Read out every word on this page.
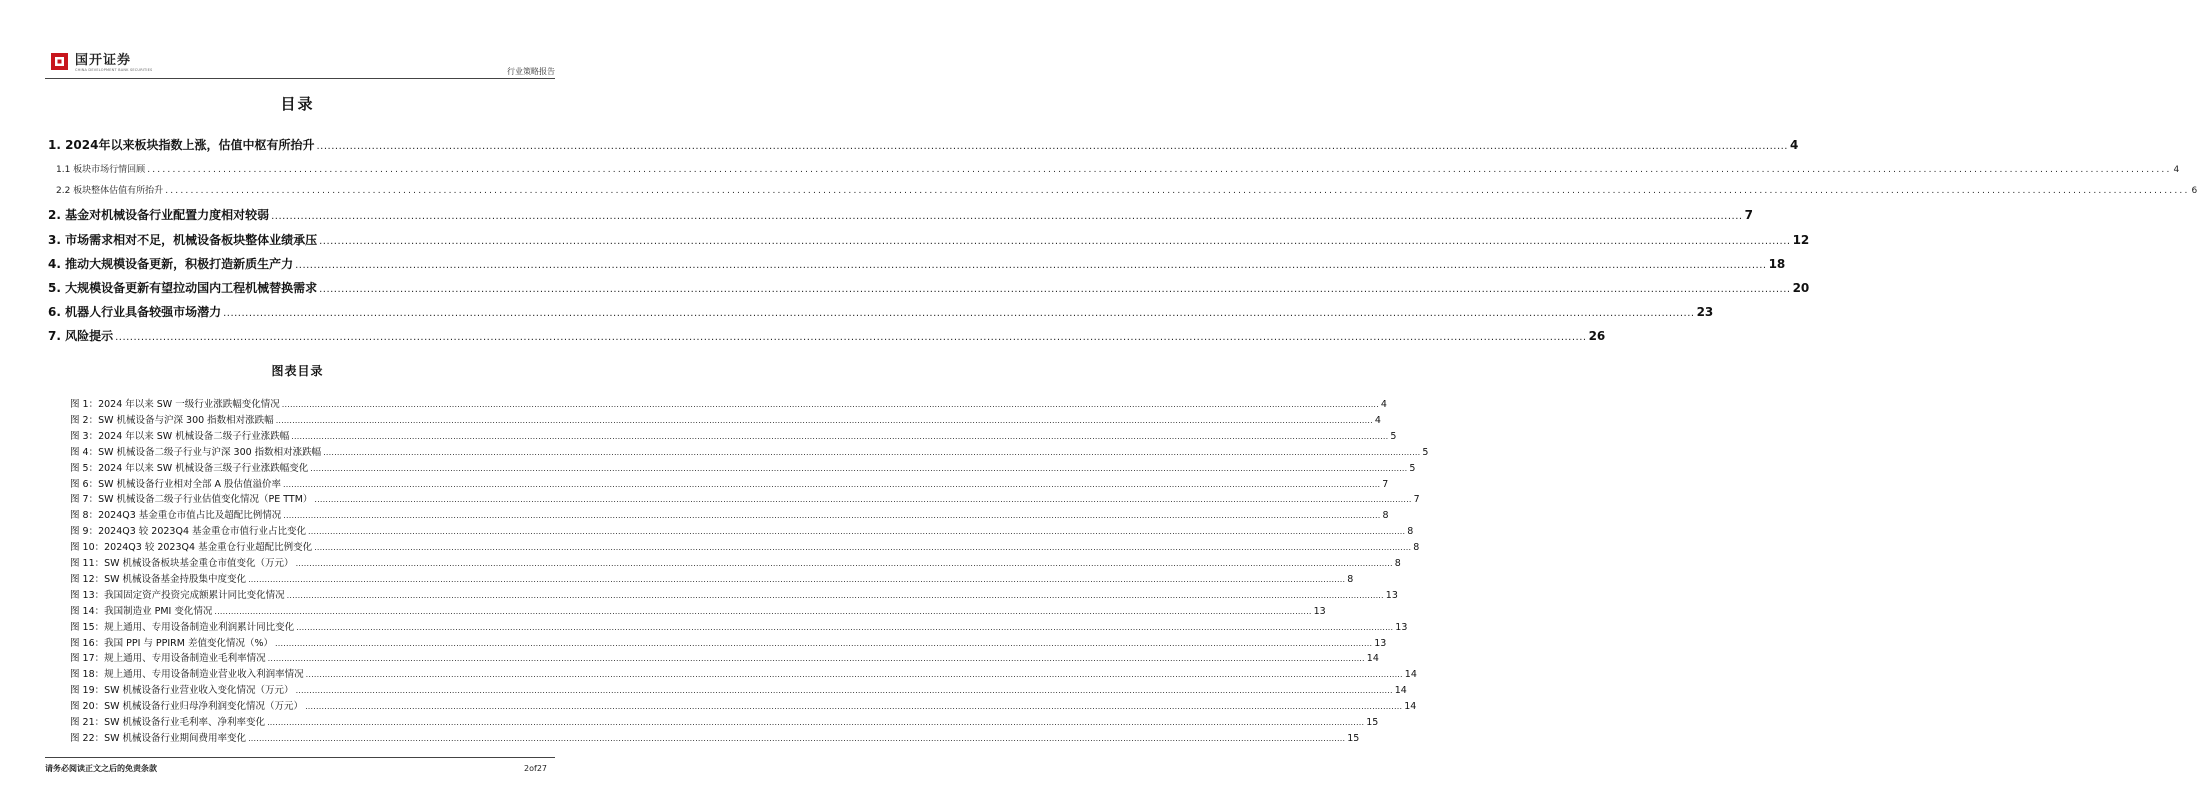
国开证券
CHINA DEVELOPMENT BANK SECURITIES	行业策略报告
目录
1. 2024年以来板块指数上涨，估值中枢有所抬升 ................................................................................................................................................................................................................................................................................................................................................................................................................ 4
1.1 板块市场行情回顾 ................................................................................................................................................................................................................................................................................................................................................................................................................ 4
2.2 板块整体估值有所抬升 ................................................................................................................................................................................................................................................................................................................................................................................................................ 6
2. 基金对机械设备行业配置力度相对较弱 ................................................................................................................................................................................................................................................................................................................................................................................................................ 7
3. 市场需求相对不足，机械设备板块整体业绩承压 ................................................................................................................................................................................................................................................................................................................................................................................................................ 12
4. 推动大规模设备更新，积极打造新质生产力 ................................................................................................................................................................................................................................................................................................................................................................................................................ 18
5. 大规模设备更新有望拉动国内工程机械替换需求 ................................................................................................................................................................................................................................................................................................................................................................................................................ 20
6. 机器人行业具备较强市场潜力 ................................................................................................................................................................................................................................................................................................................................................................................................................ 23
7. 风险提示 ................................................................................................................................................................................................................................................................................................................................................................................................................ 26
图表目录
图 1：2024 年以来 SW 一级行业涨跌幅变化情况 ................................................................................................................................................................................................................................................................................................................................................................................................................ 4
图 2：SW 机械设备与沪深 300 指数相对涨跌幅 ................................................................................................................................................................................................................................................................................................................................................................................................................ 4
图 3：2024 年以来 SW 机械设备二级子行业涨跌幅 ................................................................................................................................................................................................................................................................................................................................................................................................................ 5
图 4：SW 机械设备二级子行业与沪深 300 指数相对涨跌幅 ................................................................................................................................................................................................................................................................................................................................................................................................................ 5
图 5：2024 年以来 SW 机械设备三级子行业涨跌幅变化 ................................................................................................................................................................................................................................................................................................................................................................................................................ 5
图 6：SW 机械设备行业相对全部 A 股估值溢价率 ................................................................................................................................................................................................................................................................................................................................................................................................................ 7
图 7：SW 机械设备二级子行业估值变化情况（PE TTM） ................................................................................................................................................................................................................................................................................................................................................................................................................ 7
图 8：2024Q3 基金重仓市值占比及超配比例情况 ................................................................................................................................................................................................................................................................................................................................................................................................................ 8
图 9：2024Q3 较 2023Q4 基金重仓市值行业占比变化 ................................................................................................................................................................................................................................................................................................................................................................................................................ 8
图 10：2024Q3 较 2023Q4 基金重仓行业超配比例变化 ................................................................................................................................................................................................................................................................................................................................................................................................................ 8
图 11：SW 机械设备板块基金重仓市值变化（万元） ................................................................................................................................................................................................................................................................................................................................................................................................................ 8
图 12：SW 机械设备基金持股集中度变化 ................................................................................................................................................................................................................................................................................................................................................................................................................ 8
图 13：我国固定资产投资完成额累计同比变化情况 ................................................................................................................................................................................................................................................................................................................................................................................................................ 13
图 14：我国制造业 PMI 变化情况 ................................................................................................................................................................................................................................................................................................................................................................................................................ 13
图 15：规上通用、专用设备制造业利润累计同比变化 ................................................................................................................................................................................................................................................................................................................................................................................................................ 13
图 16：我国 PPI 与 PPIRM 差值变化情况（%） ................................................................................................................................................................................................................................................................................................................................................................................................................ 13
图 17：规上通用、专用设备制造业毛利率情况 ................................................................................................................................................................................................................................................................................................................................................................................................................ 14
图 18：规上通用、专用设备制造业营业收入利润率情况 ................................................................................................................................................................................................................................................................................................................................................................................................................ 14
图 19：SW 机械设备行业营业收入变化情况（万元） ................................................................................................................................................................................................................................................................................................................................................................................................................ 14
图 20：SW 机械设备行业归母净利润变化情况（万元） ................................................................................................................................................................................................................................................................................................................................................................................................................ 14
图 21：SW 机械设备行业毛利率、净利率变化 ................................................................................................................................................................................................................................................................................................................................................................................................................ 15
图 22：SW 机械设备行业期间费用率变化 ................................................................................................................................................................................................................................................................................................................................................................................................................ 15
请务必阅读正文之后的免责条款	2of27
